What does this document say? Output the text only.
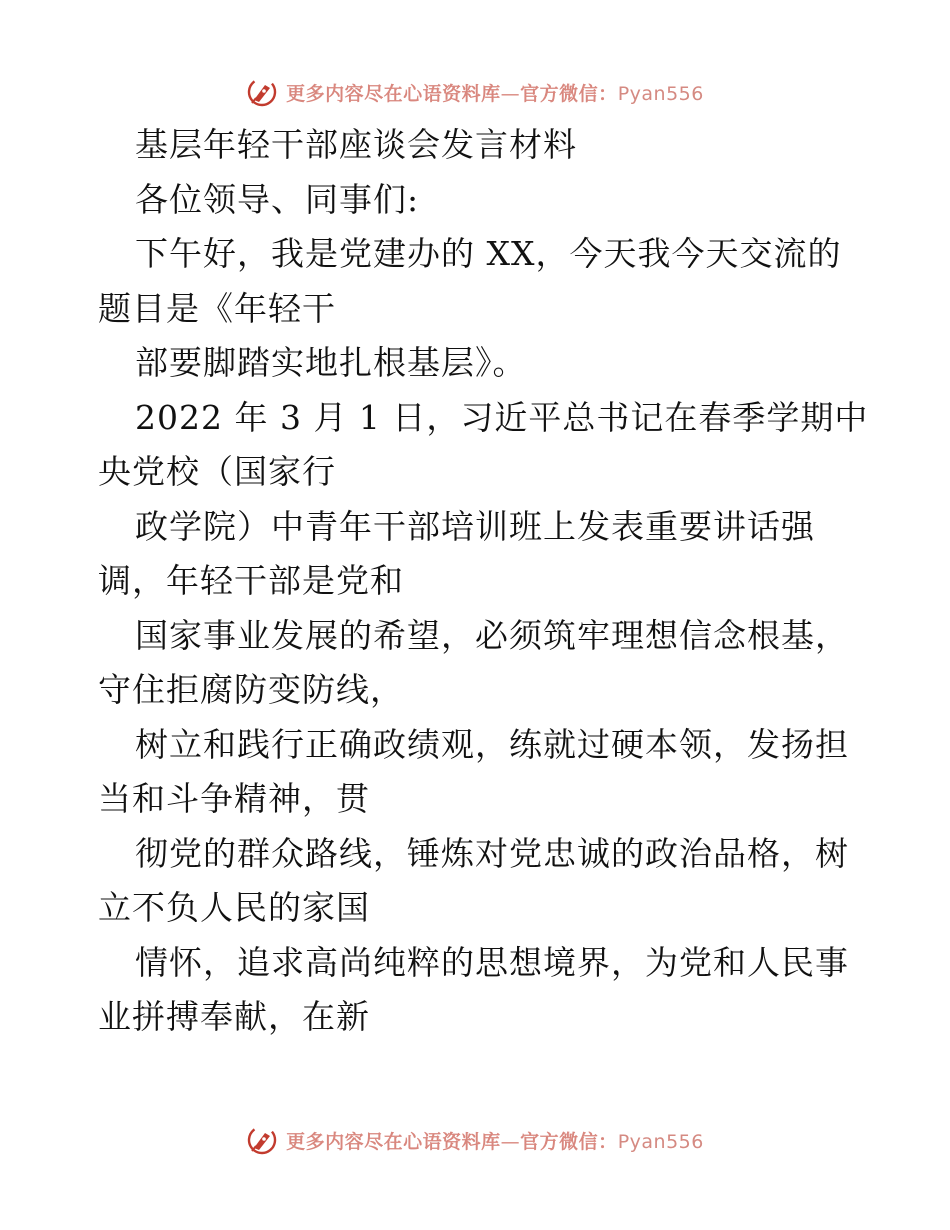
更多内容尽在心语资料库—官方微信：Pyan556
基层年轻干部座谈会发言材料
各位领导、同事们:
下午好，我是党建办的 XX，今天我今天交流的
题目是《年轻干
部要脚踏实地扎根基层》。
2022 年 3 月 1 日，习近平总书记在春季学期中
央党校（国家行
政学院）中青年干部培训班上发表重要讲话强
调，年轻干部是党和
国家事业发展的希望，必须筑牢理想信念根基，
守住拒腐防变防线，
树立和践行正确政绩观，练就过硬本领，发扬担
当和斗争精神，贯
彻党的群众路线，锤炼对党忠诚的政治品格，树
立不负人民的家国
情怀，追求高尚纯粹的思想境界，为党和人民事
业拼搏奉献，在新
更多内容尽在心语资料库—官方微信：Pyan556
